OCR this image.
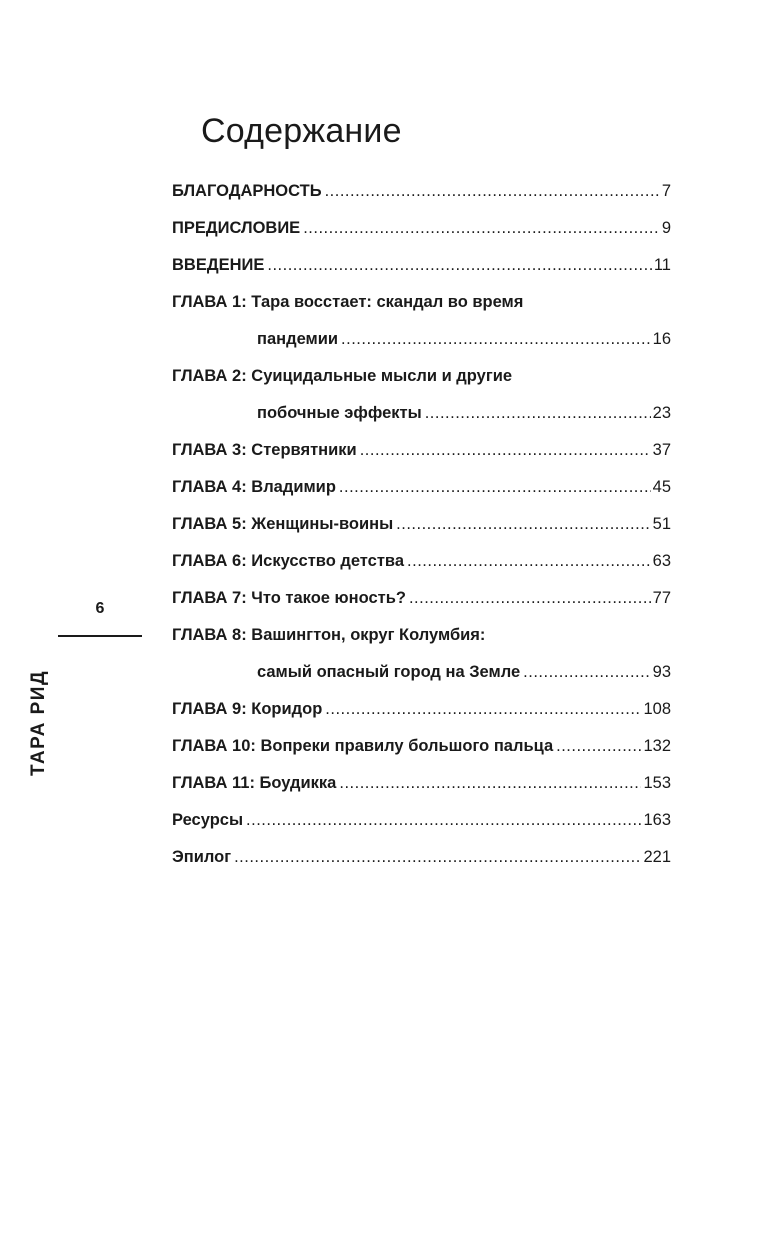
Содержание
БЛАГОДАРНОСТЬ .....	7
ПРЕДИСЛОВИЕ .....	9
ВВЕДЕНИЕ .....	11
ГЛАВА 1: Тара восстает: скандал во время
пандемии .....	16
ГЛАВА 2: Суицидальные мысли и другие
побочные эффекты .....	23
ГЛАВА 3: Стервятники .....	37
ГЛАВА 4: Владимир .....	45
ГЛАВА 5: Женщины-воины .....	51
ГЛАВА 6: Искусство детства .....	63
ГЛАВА 7: Что такое юность? .....	77
ГЛАВА 8: Вашингтон, округ Колумбия:
самый опасный город на Земле .....	93
ГЛАВА 9: Коридор .....	108
ГЛАВА 10: Вопреки правилу большого пальца .....	132
ГЛАВА 11: Боудикка .....	153
Ресурсы .....	163
Эпилог .....	221
6
ТАРА РИД
